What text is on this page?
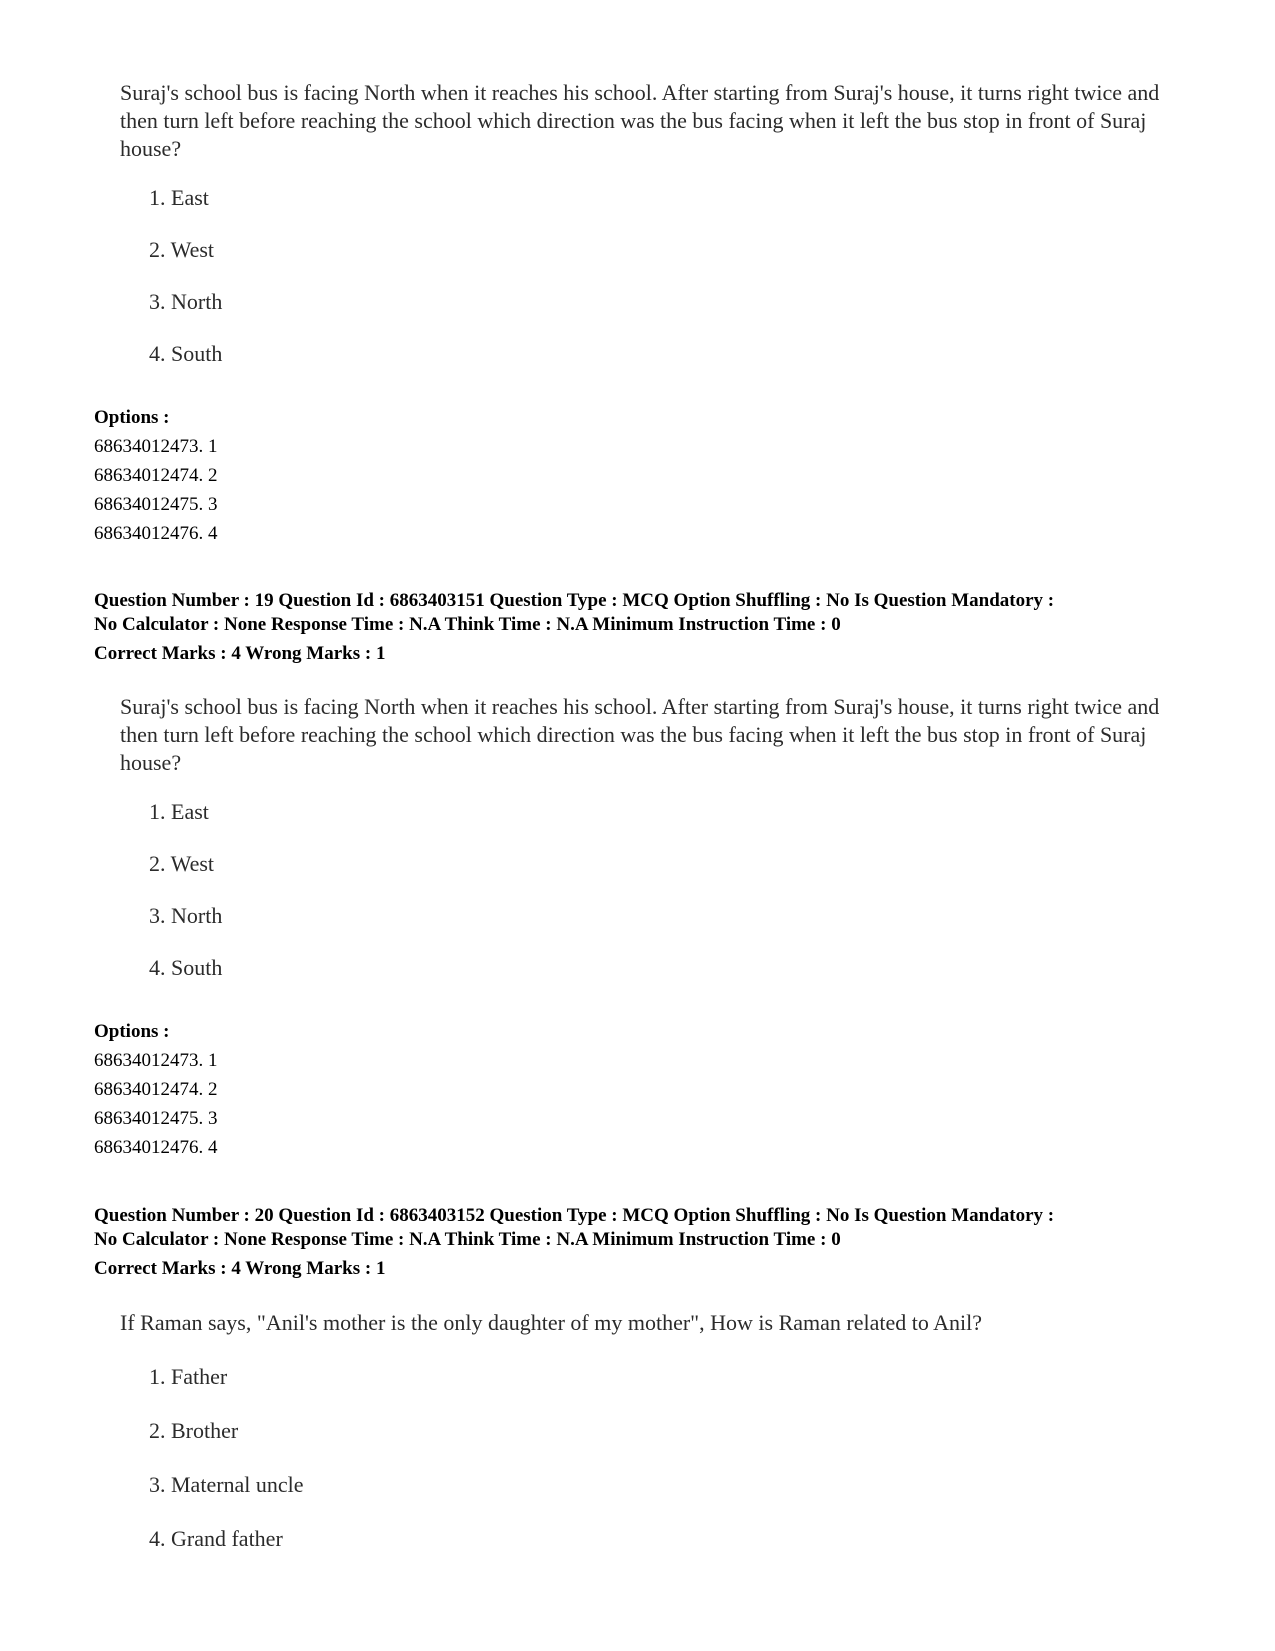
Suraj's school bus is facing North when it reaches his school. After starting from Suraj's house, it turns right twice and then turn left before reaching the school which direction was the bus facing when it left the bus stop in front of Suraj house?
1. East
2. West
3. North
4. South
Options :
68634012473. 1
68634012474. 2
68634012475. 3
68634012476. 4
Question Number : 19 Question Id : 6863403151 Question Type : MCQ Option Shuffling : No Is Question Mandatory :
No Calculator : None Response Time : N.A Think Time : N.A Minimum Instruction Time : 0
Correct Marks : 4 Wrong Marks : 1
Suraj's school bus is facing North when it reaches his school. After starting from Suraj's house, it turns right twice and then turn left before reaching the school which direction was the bus facing when it left the bus stop in front of Suraj house?
1. East
2. West
3. North
4. South
Options :
68634012473. 1
68634012474. 2
68634012475. 3
68634012476. 4
Question Number : 20 Question Id : 6863403152 Question Type : MCQ Option Shuffling : No Is Question Mandatory :
No Calculator : None Response Time : N.A Think Time : N.A Minimum Instruction Time : 0
Correct Marks : 4 Wrong Marks : 1
If Raman says, "Anil's mother is the only daughter of my mother", How is Raman related to Anil?
1. Father
2. Brother
3. Maternal uncle
4. Grand father
